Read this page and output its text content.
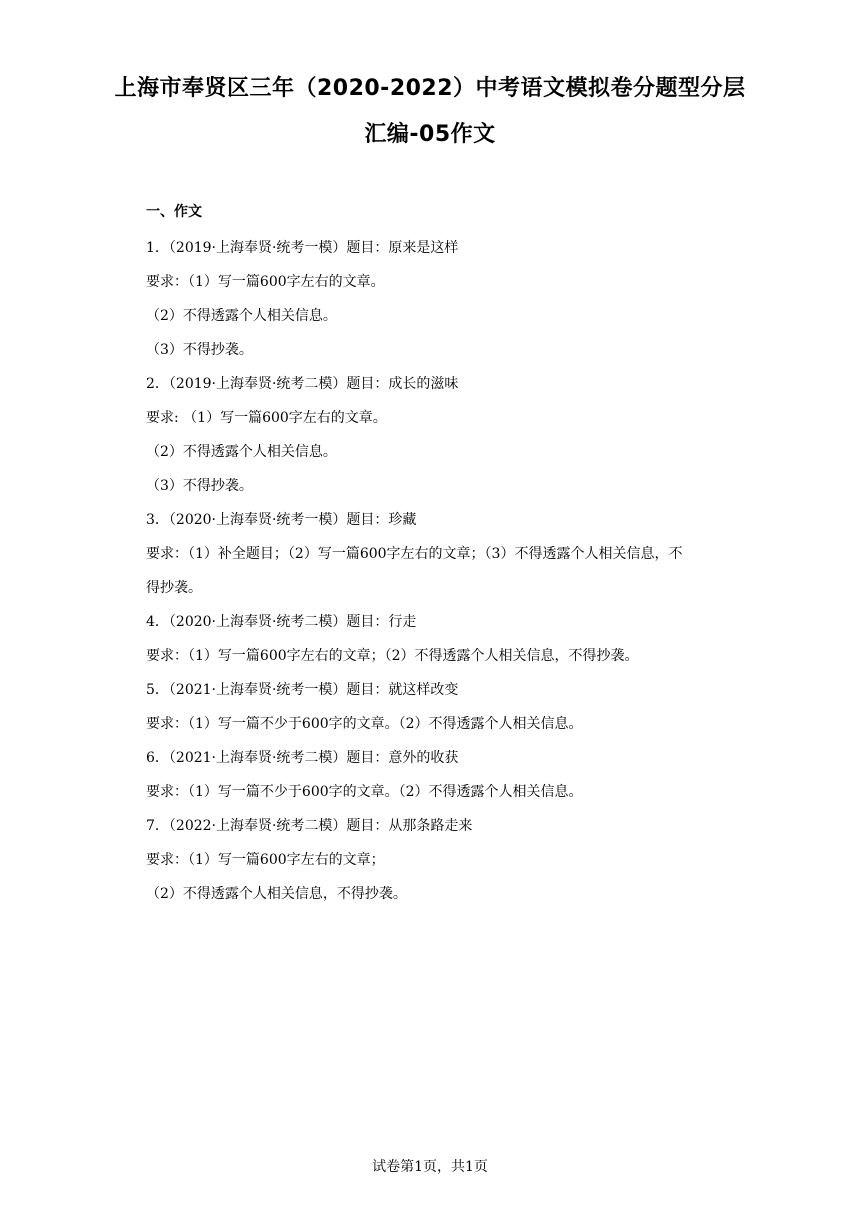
上海市奉贤区三年（2020-2022）中考语文模拟卷分题型分层
汇编-05作文
一、作文
1．（2019·上海奉贤·统考一模）题目：原来是这样
要求：（1）写一篇600字左右的文章。
（2）不得透露个人相关信息。
（3）不得抄袭。
2．（2019·上海奉贤·统考二模）题目：成长的滋味
要求: （1）写一篇600字左右的文章。
（2）不得透露个人相关信息。
（3）不得抄袭。
3．（2020·上海奉贤·统考一模）题目：珍藏
要求：（1）补全题目；（2）写一篇600字左右的文章；（3）不得透露个人相关信息，不
得抄袭。
4．（2020·上海奉贤·统考二模）题目：行走
要求：（1）写一篇600字左右的文章；（2）不得透露个人相关信息，不得抄袭。
5．（2021·上海奉贤·统考一模）题目：就这样改变
要求：（1）写一篇不少于600字的文章。（2）不得透露个人相关信息。
6．（2021·上海奉贤·统考二模）题目：意外的收获
要求：（1）写一篇不少于600字的文章。（2）不得透露个人相关信息。
7．（2022·上海奉贤·统考二模）题目：从那条路走来
要求：（1）写一篇600字左右的文章；
（2）不得透露个人相关信息，不得抄袭。
试卷第1页，共1页
